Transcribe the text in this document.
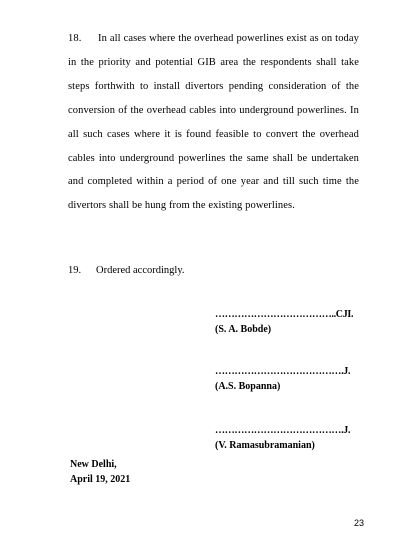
18. In all cases where the overhead powerlines exist as on today in the priority and potential GIB area the respondents shall take steps forthwith to install divertors pending consideration of the conversion of the overhead cables into underground powerlines. In all such cases where it is found feasible to convert the overhead cables into underground powerlines the same shall be undertaken and completed within a period of one year and till such time the divertors shall be hung from the existing powerlines.
19. Ordered accordingly.
………………………………..CJI.
(S. A. Bobde)
………………………………….J.
(A.S. Bopanna)
………………………………….J.
(V. Ramasubramanian)
New Delhi,
April 19, 2021
23
